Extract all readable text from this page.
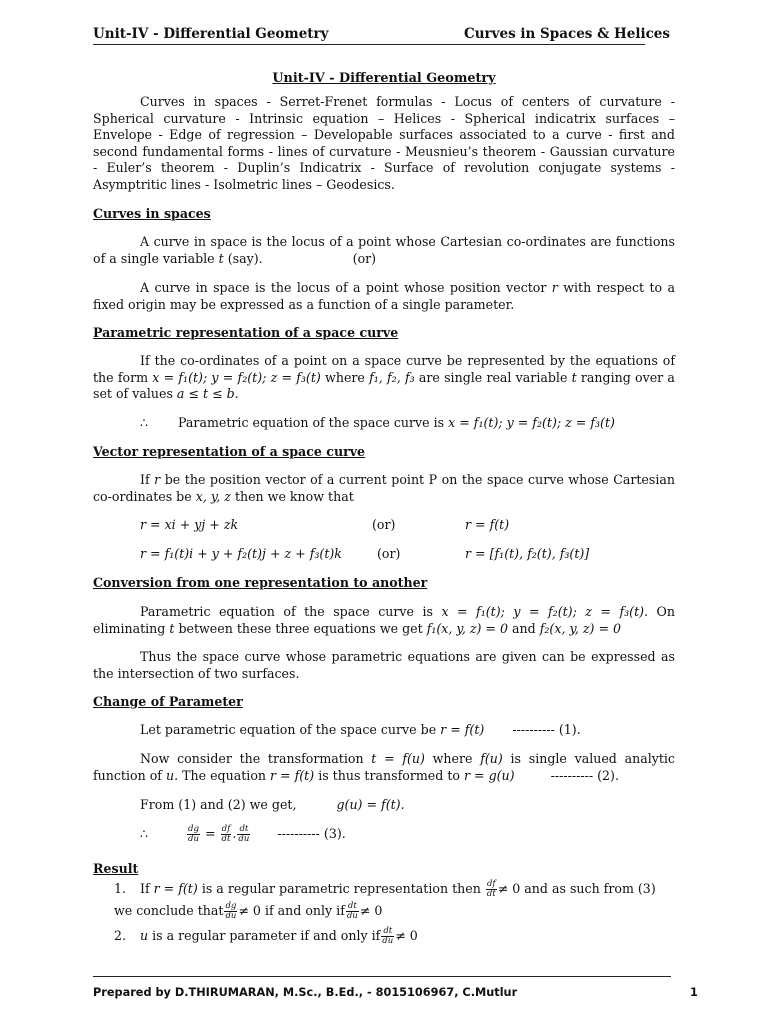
Unit-IV - Differential Geometry	Curves in Spaces & Helices
Unit-IV - Differential Geometry
Curves in spaces - Serret-Frenet formulas - Locus of centers of curvature - Spherical curvature - Intrinsic equation – Helices - Spherical indicatrix surfaces – Envelope - Edge of regression – Developable surfaces associated to a curve - first and second fundamental forms - lines of curvature - Meusnieu’s theorem - Gaussian curvature - Euler’s theorem - Duplin’s Indicatrix - Surface of revolution conjugate systems - Asymptritic lines - Isolmetric lines – Geodesics.
Curves in spaces
A curve in space is the locus of a point whose Cartesian co-ordinates are functions of a single variable t (say).	(or)
A curve in space is the locus of a point whose position vector r with respect to a fixed origin may be expressed as a function of a single parameter.
Parametric representation of a space curve
If the co-ordinates of a point on a space curve be represented by the equations of the form x = f₁(t); y = f₂(t); z = f₃(t) where f₁, f₂, f₃ are single real variable t ranging over a set of values a ≤ t ≤ b.
∴ Parametric equation of the space curve is x = f₁(t); y = f₂(t); z = f₃(t)
Vector representation of a space curve
If r be the position vector of a current point P on the space curve whose Cartesian co-ordinates be x, y, z then we know that
r = xi + yj + zk	(or)	r = f(t)
r = f₁(t)i + y + f₂(t)j + z + f₃(t)k	(or)	r = [f₁(t), f₂(t), f₃(t)]
Conversion from one representation to another
Parametric equation of the space curve is x = f₁(t); y = f₂(t); z = f₃(t). On eliminating t between these three equations we get f₁(x, y, z) = 0 and f₂(x, y, z) = 0
Thus the space curve whose parametric equations are given can be expressed as the intersection of two surfaces.
Change of Parameter
Let parametric equation of the space curve be r = f(t) ---------- (1).
Now consider the transformation t = f(u) where f(u) is single valued analytic function of u. The equation r = f(t) is thus transformed to r = g(u)	---------- (2).
From (1) and (2) we get,	g(u) = f(t).
∴	$\frac{dg}{du} = \frac{df}{dt}$ . $\frac{dt}{du}$ ---------- (3).
Result
1. If r = f(t) is a regular parametric representation then $\frac{df}{dt} \ne 0$ and as such from (3) we conclude that $\frac{dg}{du} \ne 0$ if and only if $\frac{dt}{du} \ne 0$
2. u is a regular parameter if and only if $\frac{dt}{du} \ne 0$
Prepared by D.THIRUMARAN, M.Sc., B.Ed., - 8015106967, C.Mutlur	1
